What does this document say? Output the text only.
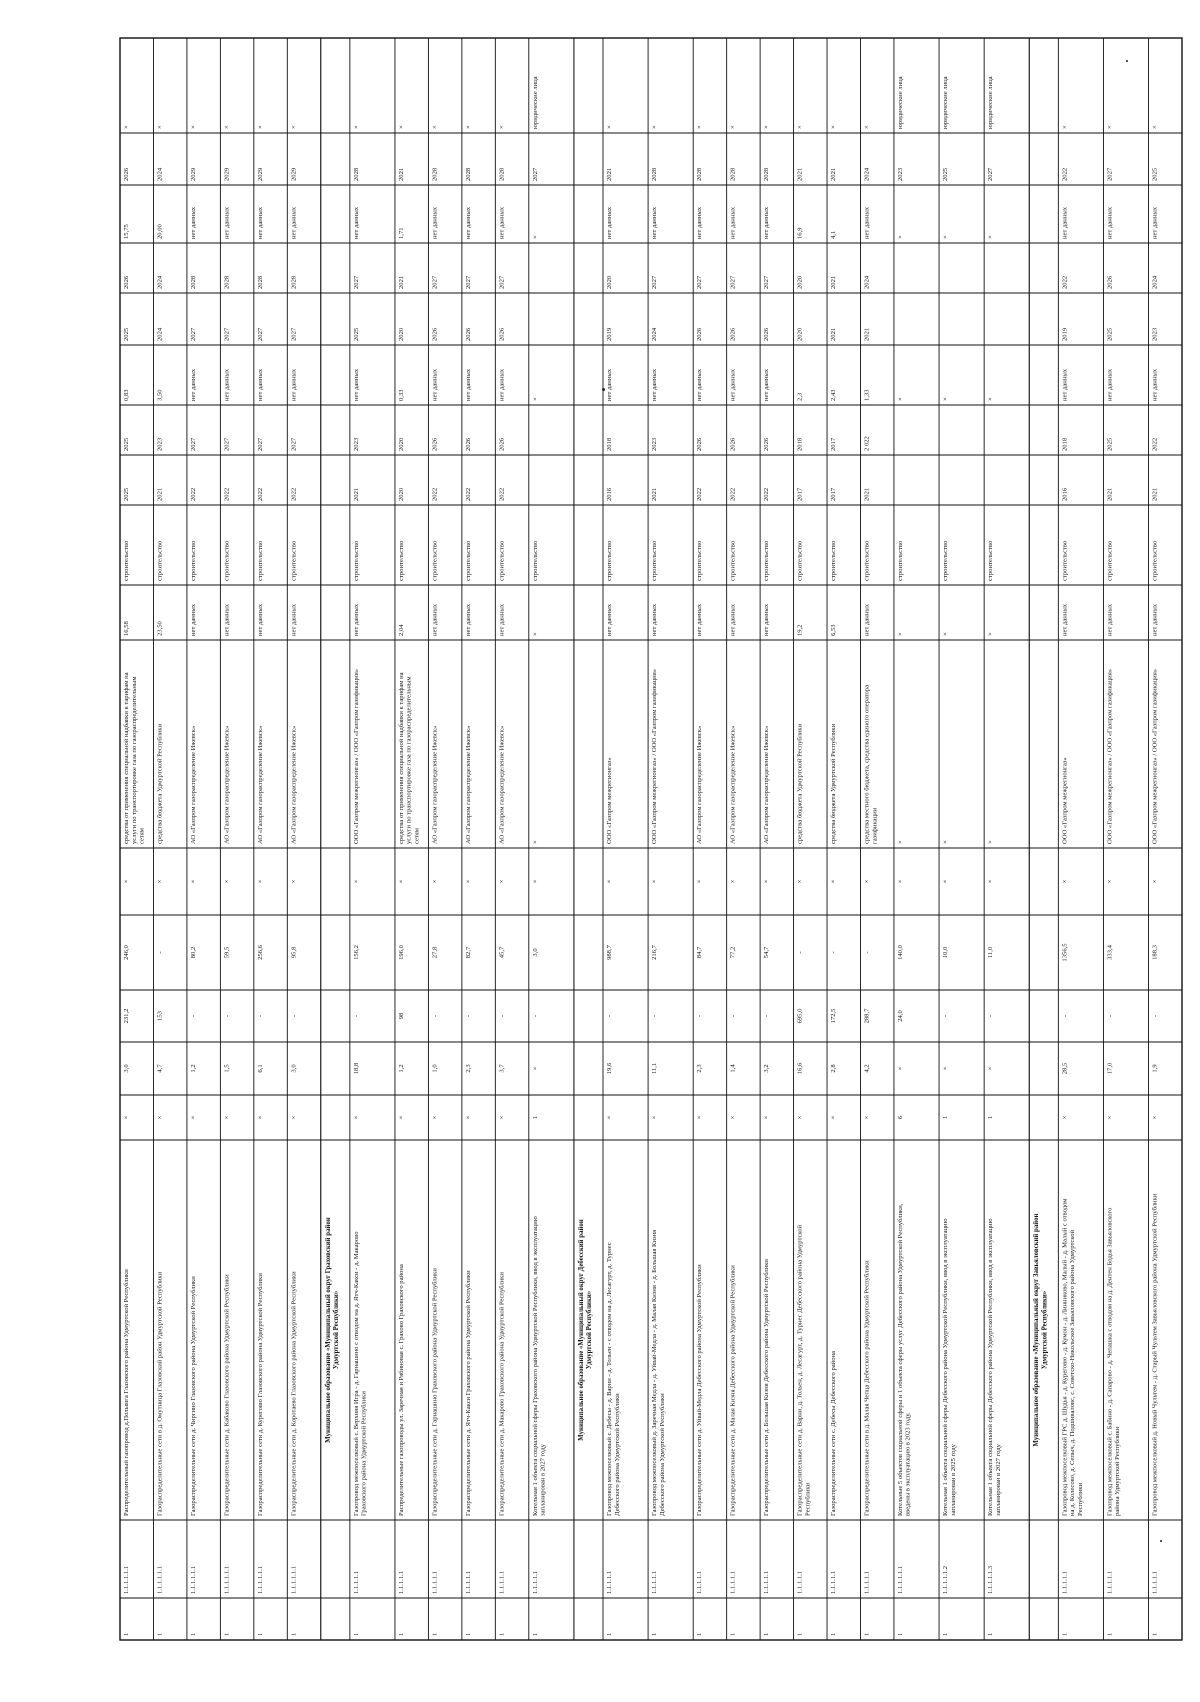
1
1.1.1.1.1.1
Распределительный газопровод д.Полымга Глазовского района Удмуртской Республики
×
3,0
231,2
246,0
×
средства от применения специальной надбавки к тарифам на услуги по транспортировке газа по газораспределительным сетям
16,58
строительство
2025
2025
0,83
2025
2026
15,75
2026
×
1
1.1.1.1.1.1
Газораспределительные сети в д. Омутница Глазовский район Удмуртской Республики
×
4,7
153
-
×
средства бюджета Удмуртской Республики
23,50
строительство
2021
2023
3,50
2024
2024
20,00
2024
×
1
1.1.1.1.1.1
Газораспределительные сети д. Чиргино Глазовского района Удмуртской Республики
×
1,2
-
80,2
×
АО «Газпром газораспределение Ижевск»
нет данных
строительство
2022
2027
нет данных
2027
2028
нет данных
2029
×
1
1.1.1.1.1.1
Газораспределительные сети д. Кабаково Глазовского района Удмуртской Республики
×
1,5
-
59,5
×
АО «Газпром газораспределение Ижевск»
нет данных
строительство
2022
2027
нет данных
2027
2028
нет данных
2029
×
1
1.1.1.1.1.1
Газораспределительные сети д. Куреговю Глазовского района Удмуртской Республики
×
6,1
-
256,6
×
АО «Газпром газораспределение Ижевск»
нет данных
строительство
2022
2027
нет данных
2027
2028
нет данных
2029
×
1
1.1.1.1.1.1
Газораспределительные сети д. Коротаево Глазовского района Удмуртской Республики
×
3,0
-
95,8
×
АО «Газпром газораспределение Ижевск»
нет данных
строительство
2022
2027
нет данных
2027
2028
нет данных
2029
×
Муниципальное образование «Муниципальный округ Граховский район Удмуртской Республики»
1
1.1.1.1.1
Газопровод межпоселковый с. Верхняя Игра - д. Гарнашино с отводом на д. Ятч-Какси - д. Макарово Граховского района Удмуртской Республики
×
18,8
-
156,2
×
ООО «Газпром межрегионгаз» / ООО «Газпром газификация»
нет данных
строительство
2021
2023
нет данных
2025
2027
нет данных
2028
×
1
1.1.1.1.1
Распределительные газопроводы ул. Заречная и Рябиновая с. Грахово Граховского района
×
1,2
98
196,0
×
средства от применения специальной надбавки к тарифам на услуги по транспортировке газа по газораспределительным сетям
2,04
строительство
2020
2020
0,33
2020
2021
1,71
2021
×
1
1.1.1.1.1
Газораспределительные сети д. Гарнашино Граховского района Удмуртской Республики
×
1,0
-
27,8
×
АО «Газпром газораспределение Ижевск»
нет данных
строительство
2022
2026
нет данных
2026
2027
нет данных
2028
×
1
1.1.1.1.1
Газораспределительные сети д. Ятч-Какси Граховского района Удмуртской Республики
×
2,3
-
82,7
×
АО «Газпром газораспределение Ижевск»
нет данных
строительство
2022
2026
нет данных
2026
2027
нет данных
2028
×
1
1.1.1.1.1
Газораспределительные сети д. Макарово Граховского района Удмуртской Республики
×
3,7
-
45,7
×
АО «Газпром газораспределение Ижевск»
нет данных
строительство
2022
2026
нет данных
2026
2027
нет данных
2028
×
1
1.1.1.1.1
Котельная 1 объекта социальной сферы Граховского района Удмуртской Республики, ввод в эксплуатацию запланирован в 2027 году
1
×
-
3,0
×
×
×
строительство
×
×
2027
юридические лица
Муниципальное образование «Муниципальный округ Дебесский район Удмуртской Республики»
1
1.1.1.1.1
Газопровод межпоселковый с. Дебесы - д. Варни - д. Тольен - с отводом на д. Лесагурт, д. Турнес Дебесского района Удмуртской Республики
×
19,6
-
988,7
×
ООО «Газпром межрегионгаз»
нет данных
строительство
2016
2018
нет данных
2019
2020
нет данных
2021
×
1
1.1.1.1.1
Газопровод межпоселковый д. Заречная Медла - д. Уйвай-Медла - д. Малая Кизня - д. Большая Кизня Дебесского района Удмуртской Республики
×
11,1
-
216,7
×
ООО «Газпром межрегионгаз» / ООО «Газпром газификация»
нет данных
строительство
2021
2023
нет данных
2024
2027
нет данных
2028
×
1
1.1.1.1.1
Газораспределительные сети д. Уйвай-Медла Дебесского района Удмуртской Республики
×
2,3
-
84,7
×
АО «Газпром газораспределение Ижевск»
нет данных
строительство
2022
2026
нет данных
2026
2027
нет данных
2028
×
1
1.1.1.1.1
Газораспределительные сети д. Малая Кизня Дебесского района Удмуртской Республики
×
1,4
-
77,2
×
АО «Газпром газораспределение Ижевск»
нет данных
строительство
2022
2026
нет данных
2026
2027
нет данных
2028
×
1
1.1.1.1.1
Газораспределительные сети д. Большая Кизня Дебесского района Удмуртской Республики
×
3,2
-
54,7
×
АО «Газпром газораспределение Ижевск»
нет данных
строительство
2022
2026
нет данных
2026
2027
нет данных
2028
×
1
1.1.1.1.1
Газораспределительные сети д. Варни, д. Тольен, д. Лесагурт, д. Турнес Дебесского района Удмуртской Республики
×
16,6
695,0
-
×
средства бюджета Удмуртской Республики
19,2
строительство
2017
2018
2,3
2020
2020
16,9
2021
×
1
1.1.1.1.1
Газораспределительные сети с. Дебесы Дебесского района
×
2,8
172,5
-
×
средства бюджета Удмуртской Республики
6,53
строительство
2017
2017
2,43
2021
2021
4,1
2021
×
1
1.1.1.1.1
Газораспределительные сети в д. Малая Чепца Дебесского района Удмуртской Республики
×
4,2
288,7
-
×
средства местного бюджета, средства единого оператора газификации
нет данных
строительство
2021
2 022
1,33
2021
2024
нет данных
2024
×
1
1.1.1.1.1.1
Котельные 5 объектов социальной сферы и 1 объекта сферы услуг Дебесского района Удмуртской Республики, введены в эксплуатацию в 2023 году.
6
×
24,0
140,0
×
×
×
строительство
×
×
2023
юридические лица
1
1.1.1.1.1.2
Котельная 1 объекта социальной сферы Дебесского района Удмуртской Республики, ввод в эксплуатацию запланирован в 2025 году
1
×
-
10,0
×
×
×
строительство
×
×
2025
юридические лица
1
1.1.1.1.1.3
Котельная 1 объекта социальной сферы Дебесского района Удмуртской Республики, ввод в эксплуатацию запланирован в 2027 году
1
×
-
11,0
×
×
×
строительство
×
×
2027
юридические лица
Муниципальное образование «Муниципальный округ Завьяловский район Удмуртской Республики»
1
1.1.1.1.1
Газопровод межпоселковый ГРС д. Шудья - д. Куреговю - д. Кумон - д. Линниково, Малый - д. Малый с отводом на д. Колесово, д. Сепыч, д. Подшиваловс, с. Советско-Никольское Завьяловского района Удмуртской Республики
×
28,5
-
1356,5
×
ООО «Газпром межрегионгаз»
нет данных
строительство
2016
2018
нет данных
2019
2022
нет данных
2022
×
1
1.1.1.1.1
Газопровод межпоселковый с. Бабино - д. Сапарово - д. Чепашка с отводом на д. Дентен Бодья Завьяловского района Удмуртской Республики
×
17,0
-
333,4
×
ООО «Газпром межрегионгаз» / ООО «Газпром газификация»
нет данных
строительство
2021
2025
нет данных
2025
2026
нет данных
2027
×
1
1.1.1.1.1
Газопровод межпоселковый д. Новый Чультем - д. Старый Чультем Завьяловского района Удмуртской Республики
×
1,9
-
188,3
×
ООО «Газпром межрегионгаз» / ООО «Газпром газификация»
нет данных
строительство
2021
2022
нет данных
2023
2024
нет данных
2025
×
